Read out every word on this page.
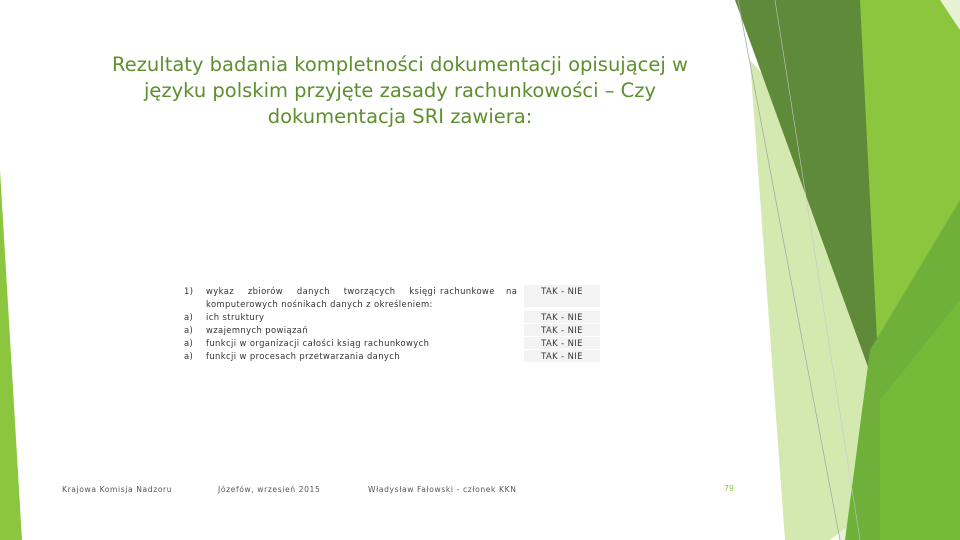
Rezultaty badania kompletności dokumentacji opisującej w
języku polskim przyjęte zasady rachunkowości – Czy
dokumentacja SRI zawiera:
1)	wykaz zbiorów danych tworzących księgi rachunkowe na
komputerowych nośnikach danych z określeniem:
TAK - NIE
a)	ich struktury	TAK - NIE
a)	wzajemnych powiązań	TAK - NIE
a)	funkcji w organizacji całości ksiąg rachunkowych	TAK - NIE
a)	funkcji w procesach przetwarzania danych	TAK - NIE
Krajowa Komisja Nadzoru	Józefów, wrzesień 2015	Władysław Fałowski - członek KKN	79
